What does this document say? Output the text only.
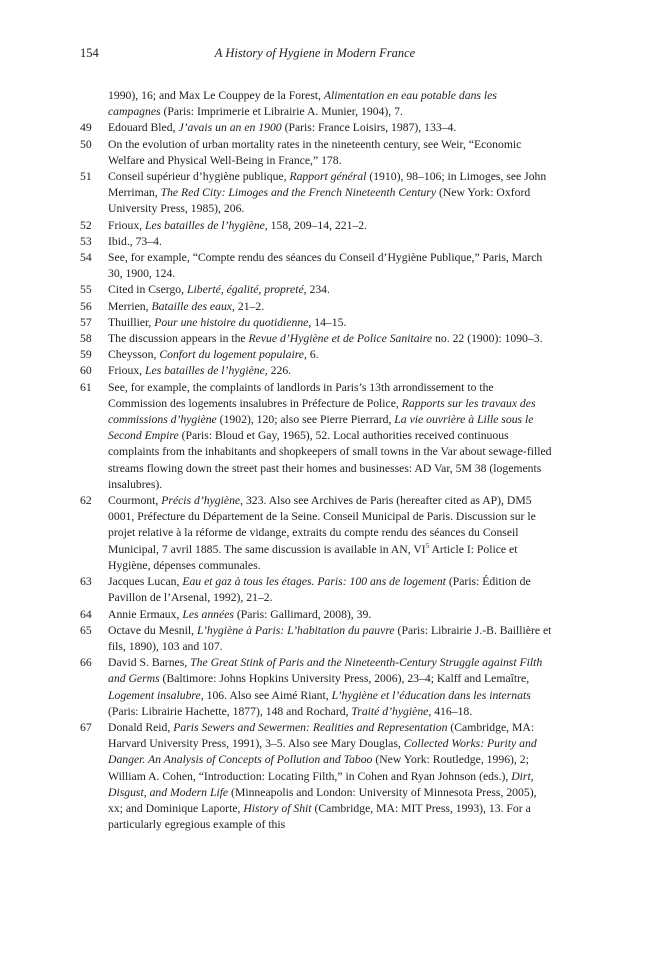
154	A History of Hygiene in Modern France
1990), 16; and Max Le Couppey de la Forest, Alimentation en eau potable dans les campagnes (Paris: Imprimerie et Librairie A. Munier, 1904), 7.
49	Edouard Bled, J’avais un an en 1900 (Paris: France Loisirs, 1987), 133–4.
50	On the evolution of urban mortality rates in the nineteenth century, see Weir, “Economic Welfare and Physical Well-Being in France,” 178.
51	Conseil supérieur d’hygiène publique, Rapport général (1910), 98–106; in Limoges, see John Merriman, The Red City: Limoges and the French Nineteenth Century (New York: Oxford University Press, 1985), 206.
52	Frioux, Les batailles de l’hygiène, 158, 209–14, 221–2.
53	Ibid., 73–4.
54	See, for example, “Compte rendu des séances du Conseil d’Hygiène Publique,” Paris, March 30, 1900, 124.
55	Cited in Csergo, Liberté, égalité, propreté, 234.
56	Merrien, Bataille des eaux, 21–2.
57	Thuillier, Pour une histoire du quotidienne, 14–15.
58	The discussion appears in the Revue d’Hygiène et de Police Sanitaire no. 22 (1900): 1090–3.
59	Cheysson, Confort du logement populaire, 6.
60	Frioux, Les batailles de l’hygiène, 226.
61	See, for example, the complaints of landlords in Paris’s 13th arrondissement to the Commission des logements insalubres in Préfecture de Police, Rapports sur les travaux des commissions d’hygiène (1902), 120; also see Pierre Pierrard, La vie ouvrière à Lille sous le Second Empire (Paris: Bloud et Gay, 1965), 52. Local authorities received continuous complaints from the inhabitants and shopkeepers of small towns in the Var about sewage-filled streams flowing down the street past their homes and businesses: AD Var, 5M 38 (logements insalubres).
62	Courmont, Précis d’hygiène, 323. Also see Archives de Paris (hereafter cited as AP), DM5 0001, Préfecture du Département de la Seine. Conseil Municipal de Paris. Discussion sur le projet relative à la réforme de vidange, extraits du compte rendu des séances du Conseil Municipal, 7 avril 1885. The same discussion is available in AN, $VI^5$ Article I: Police et Hygiène, dépenses communales.
63	Jacques Lucan, Eau et gaz à tous les étages. Paris: 100 ans de logement (Paris: Édition de Pavillon de l’Arsenal, 1992), 21–2.
64	Annie Ermaux, Les années (Paris: Gallimard, 2008), 39.
65	Octave du Mesnil, L’hygiène à Paris: L’habitation du pauvre (Paris: Librairie J.-B. Baillière et fils, 1890), 103 and 107.
66	David S. Barnes, The Great Stink of Paris and the Nineteenth-Century Struggle against Filth and Germs (Baltimore: Johns Hopkins University Press, 2006), 23–4; Kalff and Lemaître, Logement insalubre, 106. Also see Aimé Riant, L’hygiène et l’éducation dans les internats (Paris: Librairie Hachette, 1877), 148 and Rochard, Traité d’hygiène, 416–18.
67	Donald Reid, Paris Sewers and Sewermen: Realities and Representation (Cambridge, MA: Harvard University Press, 1991), 3–5. Also see Mary Douglas, Collected Works: Purity and Danger. An Analysis of Concepts of Pollution and Taboo (New York: Routledge, 1996), 2; William A. Cohen, “Introduction: Locating Filth,” in Cohen and Ryan Johnson (eds.), Dirt, Disgust, and Modern Life (Minneapolis and London: University of Minnesota Press, 2005), xx; and Dominique Laporte, History of Shit (Cambridge, MA: MIT Press, 1993), 13. For a particularly egregious example of this
